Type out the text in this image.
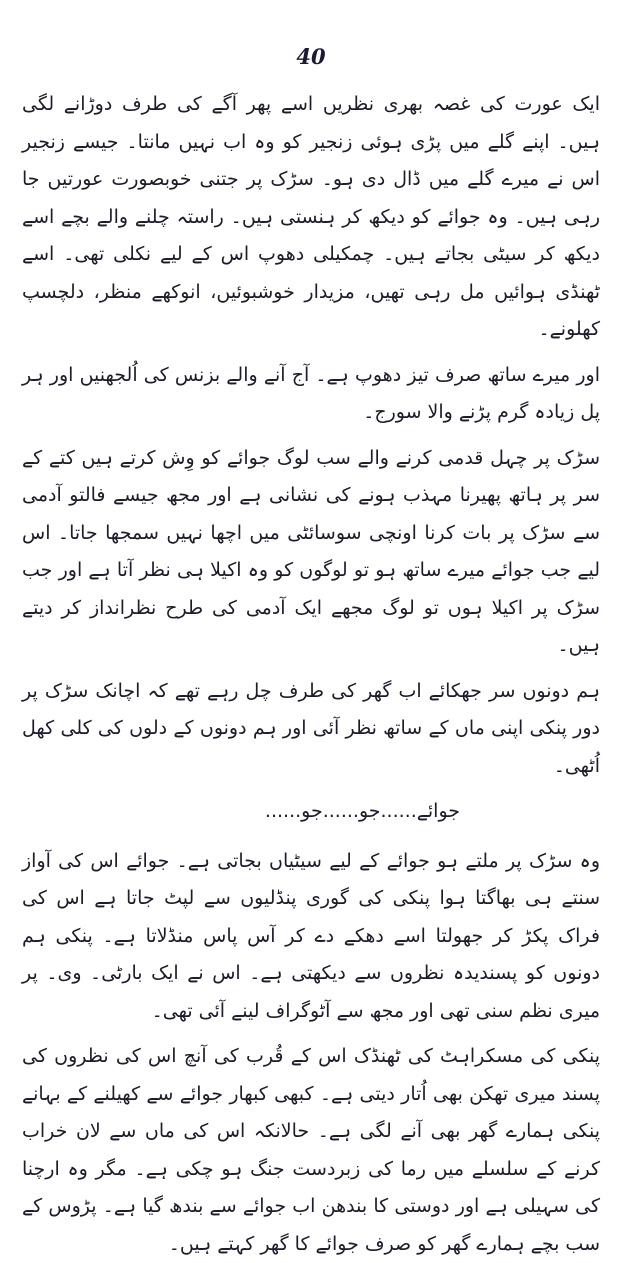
40

ایک عورت کی غصہ بھری نظریں اسے پھر آگے کی طرف دوڑانے لگی ہیں۔ اپنے گلے میں پڑی ہوئی زنجیر کو وہ اب نہیں مانتا۔ جیسے زنجیر اس نے میرے گلے میں ڈال دی ہو۔ سڑک پر جتنی خوبصورت عورتیں جا رہی ہیں۔ وہ جوائے کو دیکھ کر ہنستی ہیں۔ راستہ چلنے والے بچے اسے دیکھ کر سیٹی بجاتے ہیں۔ چمکیلی دھوپ اس کے لیے نکلی تھی۔ اسے ٹھنڈی ہوائیں مل رہی تھیں، مزیدار خوشبوئیں، انوکھے منظر، دلچسپ کھلونے۔

اور میرے ساتھ صرف تیز دھوپ ہے۔ آج آنے والے بزنس کی اُلجھنیں اور ہر پل زیادہ گرم پڑنے والا سورج۔

سڑک پر چہل قدمی کرنے والے سب لوگ جوائے کو وِش کرتے ہیں کتے کے سر پر ہاتھ پھیرنا مہذب ہونے کی نشانی ہے اور مجھ جیسے فالتو آدمی سے سڑک پر بات کرنا اونچی سوسائٹی میں اچھا نہیں سمجھا جاتا۔ اس لیے جب جوائے میرے ساتھ ہو تو لوگوں کو وہ اکیلا ہی نظر آتا ہے اور جب سڑک پر اکیلا ہوں تو لوگ مجھے ایک آدمی کی طرح نظرانداز کر دیتے ہیں۔

ہم دونوں سر جھکائے اب گھر کی طرف چل رہے تھے کہ اچانک سڑک پر دور پنکی اپنی ماں کے ساتھ نظر آئی اور ہم دونوں کے دلوں کی کلی کھل اُٹھی۔

جوائے......جو......جو......

وہ سڑک پر ملتے ہو جوائے کے لیے سیٹیاں بجاتی ہے۔ جوائے اس کی آواز سنتے ہی بھاگتا ہوا پنکی کی گوری پنڈلیوں سے لپٹ جاتا ہے اس کی فراک پکڑ کر جھولتا اسے دھکے دے کر آس پاس منڈلاتا ہے۔ پنکی ہم دونوں کو پسندیدہ نظروں سے دیکھتی ہے۔ اس نے ایک بارٹی۔ وی۔ پر میری نظم سنی تھی اور مجھ سے آٹوگراف لینے آئی تھی۔

پنکی کی مسکراہٹ کی ٹھنڈک اس کے قُرب کی آنچ اس کی نظروں کی پسند میری تھکن بھی اُتار دیتی ہے۔ کبھی کبھار جوائے سے کھیلنے کے بہانے پنکی ہمارے گھر بھی آنے لگی ہے۔ حالانکہ اس کی ماں سے لان خراب کرنے کے سلسلے میں رما کی زبردست جنگ ہو چکی ہے۔ مگر وہ ارچنا کی سہیلی ہے اور دوستی کا بندھن اب جوائے سے بندھ گیا ہے۔ پڑوس کے سب بچے ہمارے گھر کو صرف جوائے کا گھر کہتے ہیں۔
